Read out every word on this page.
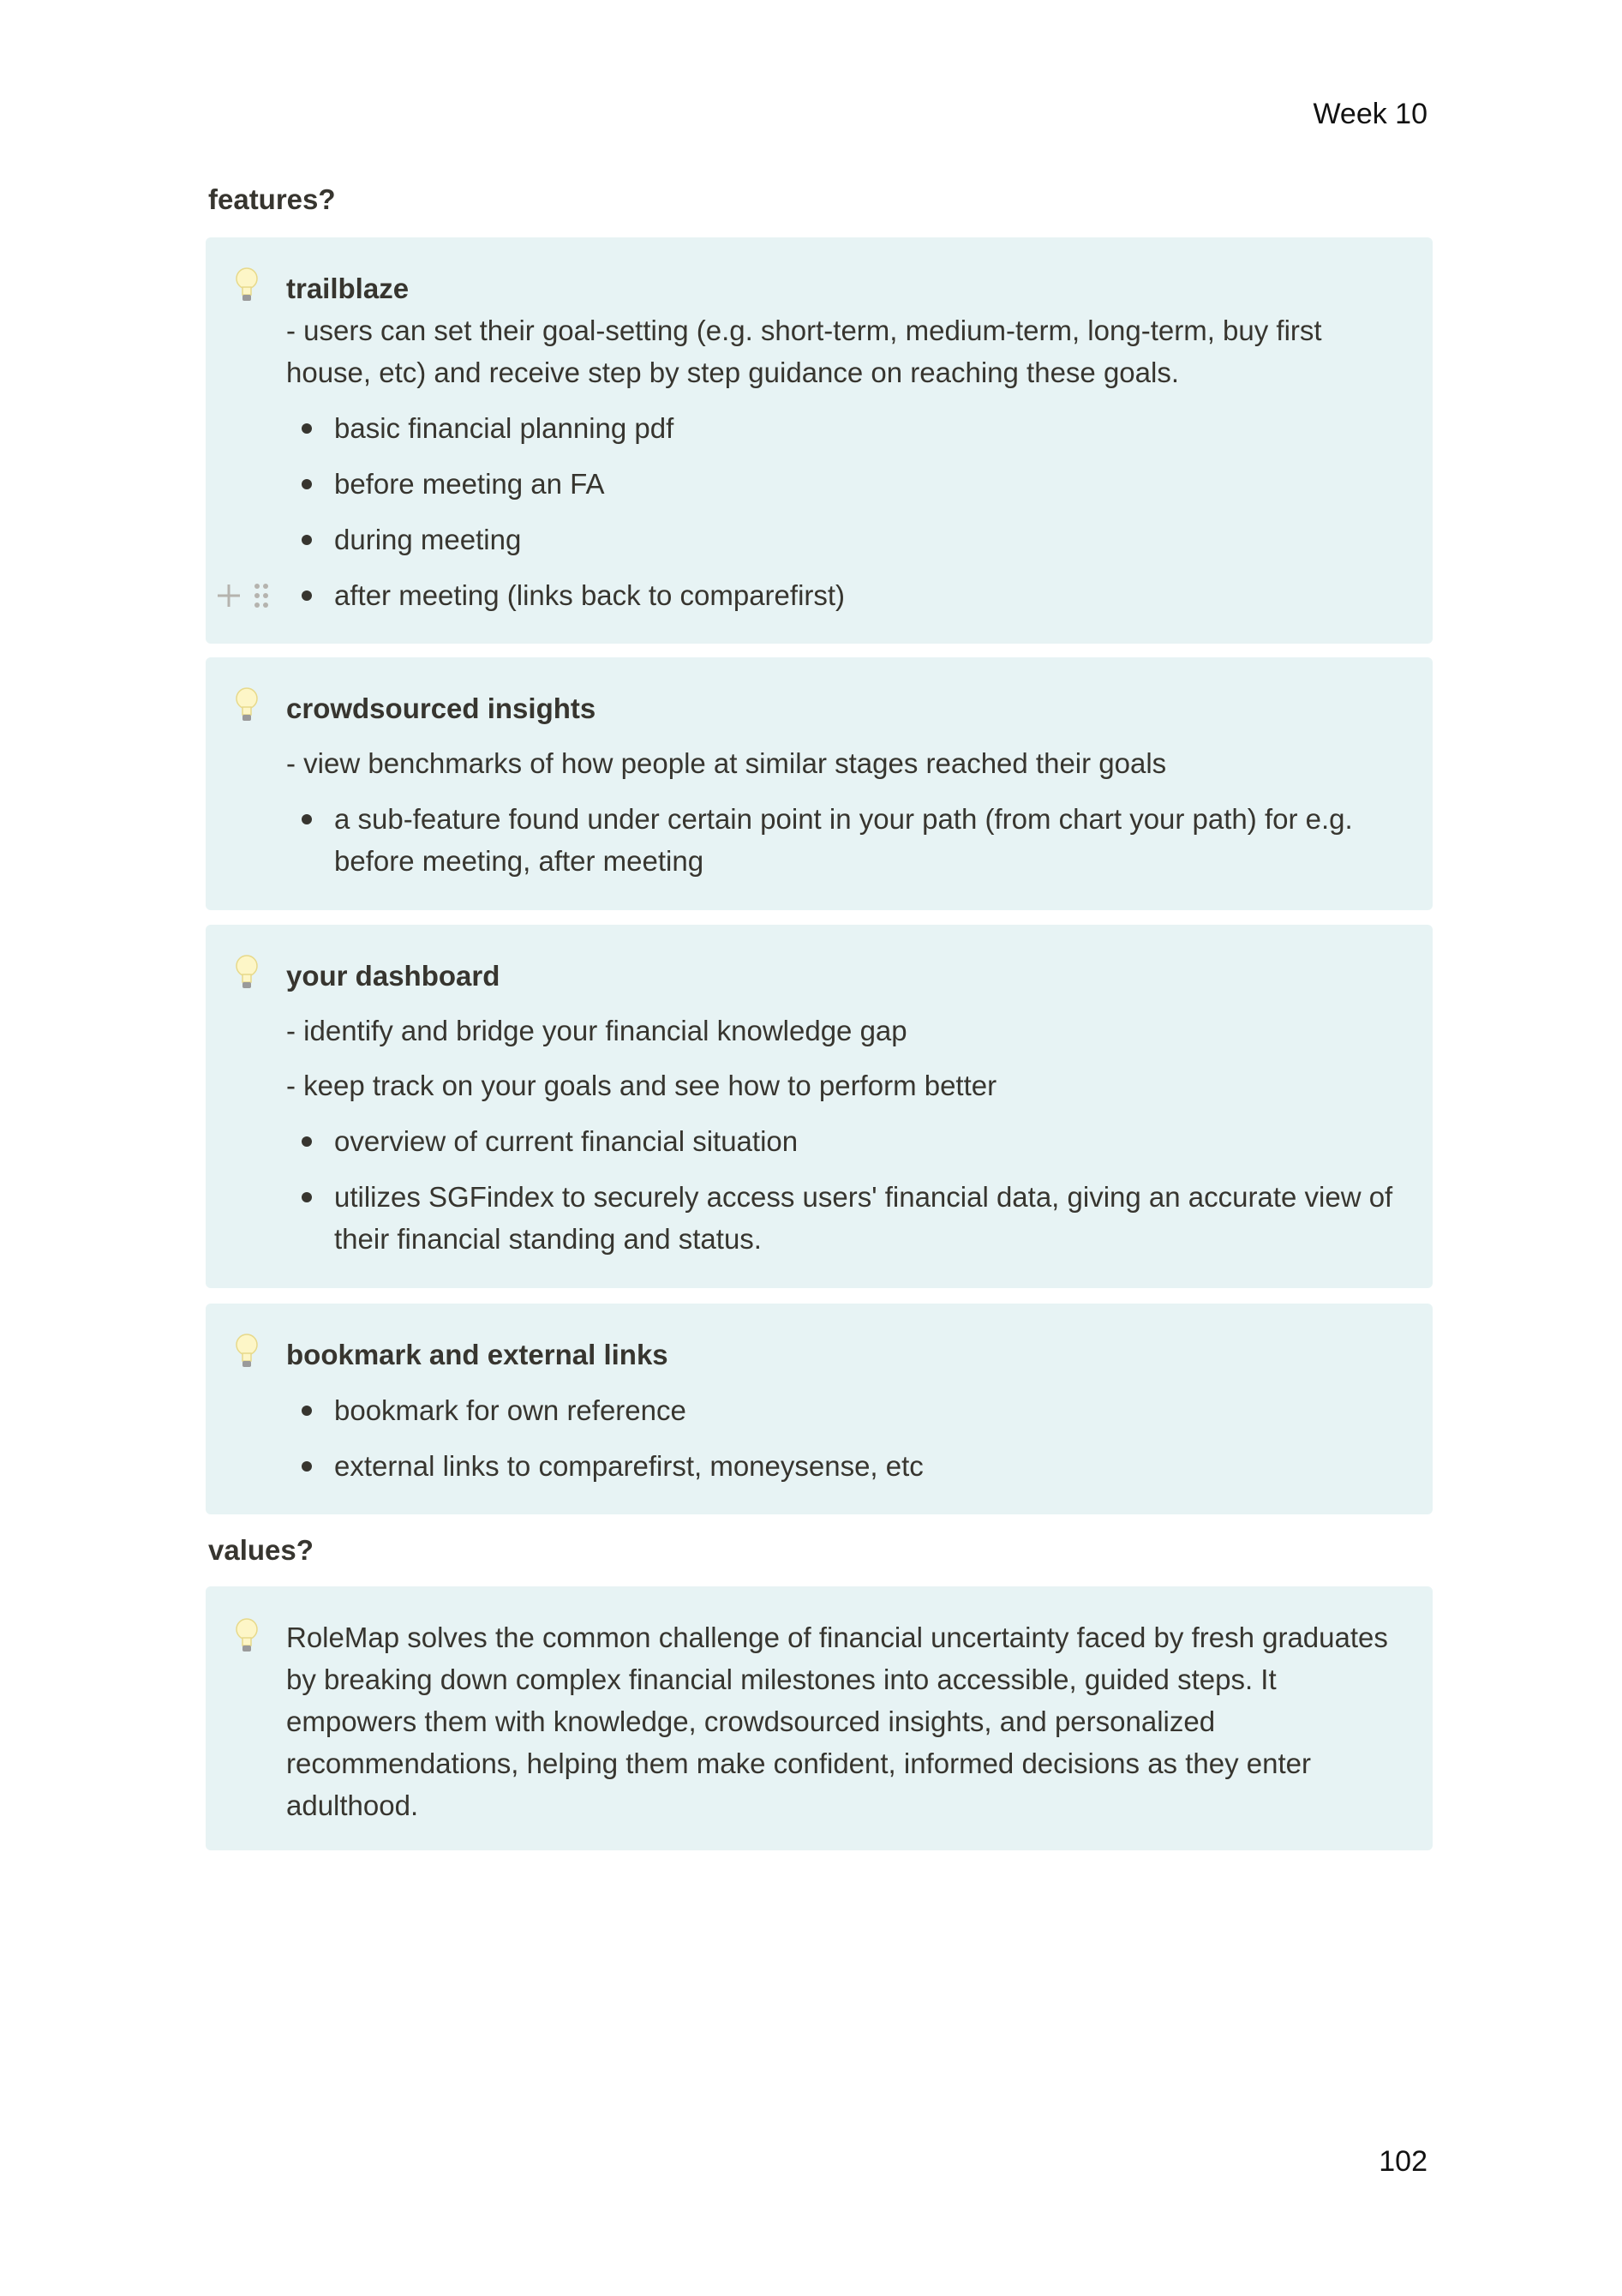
Week 10
102
features?
trailblaze

- users can set their goal-setting (e.g. short-term, medium-term, long-term, buy first house, etc) and receive step by step guidance on reaching these goals.

basic financial planning pdf
before meeting an FA
during meeting
after meeting (links back to comparefirst)
crowdsourced insights

- view benchmarks of how people at similar stages reached their goals

a sub-feature found under certain point in your path (from chart your path) for e.g. before meeting, after meeting
your dashboard

- identify and bridge your financial knowledge gap

- keep track on your goals and see how to perform better

overview of current financial situation
utilizes SGFindex to securely access users' financial data, giving an accurate view of their financial standing and status.
bookmark and external links
bookmark for own reference
external links to comparefirst, moneysense, etc
values?

RoleMap solves the common challenge of financial uncertainty faced by fresh graduates by breaking down complex financial milestones into accessible, guided steps. It empowers them with knowledge, crowdsourced insights, and personalized recommendations, helping them make confident, informed decisions as they enter adulthood.
